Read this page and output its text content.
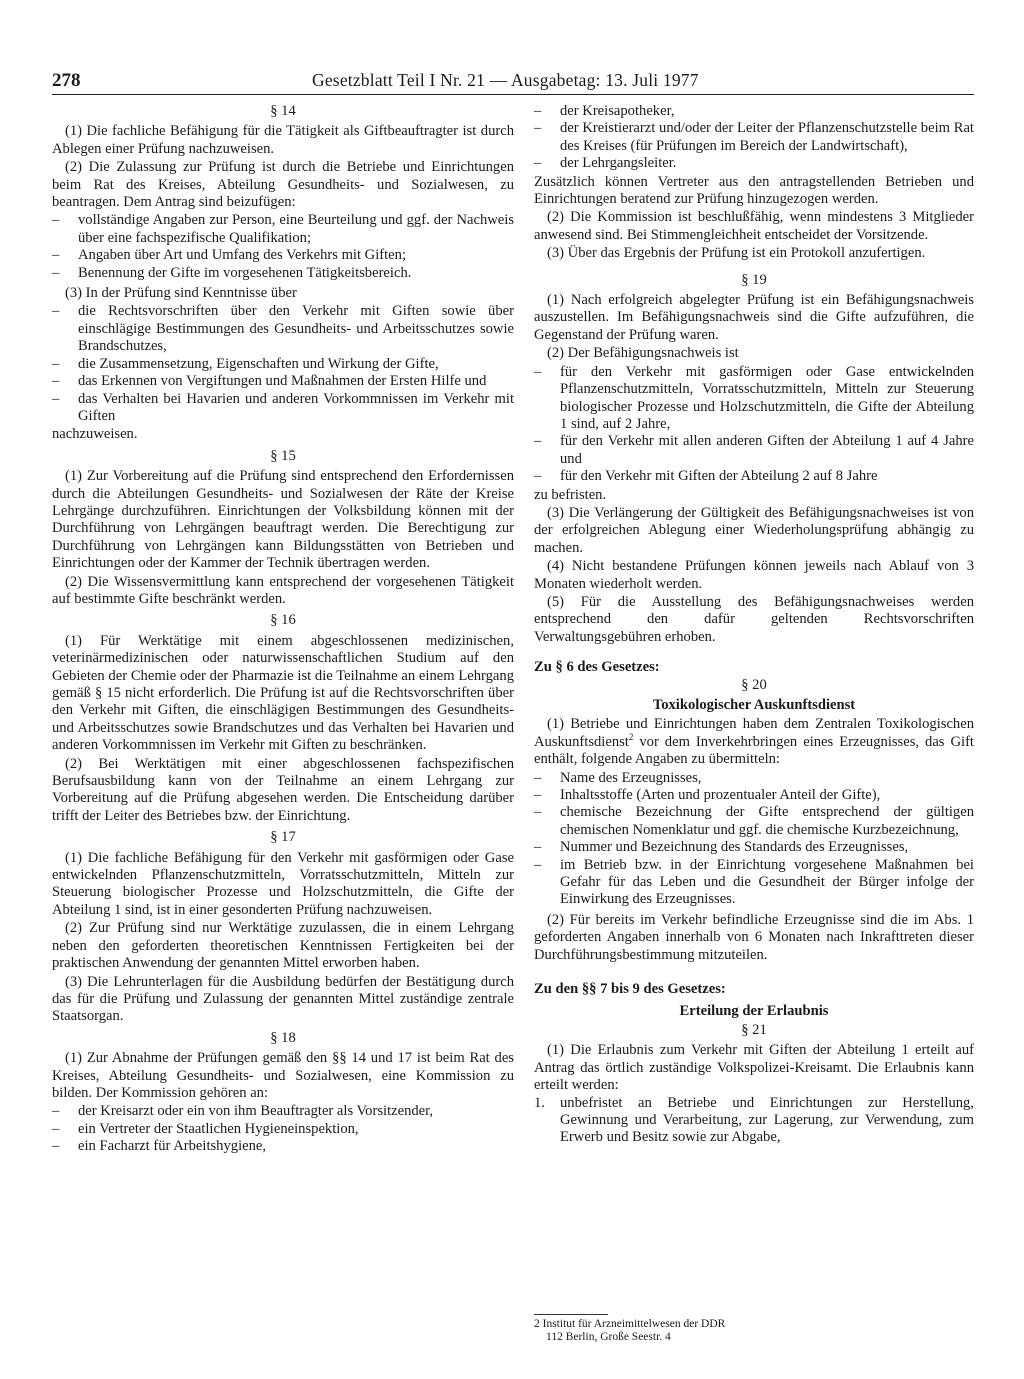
278	Gesetzblatt Teil I Nr. 21 — Ausgabetag: 13. Juli 1977
§ 14

(1) Die fachliche Befähigung für die Tätigkeit als Giftbeauftragter ist durch Ablegen einer Prüfung nachzuweisen.

(2) Die Zulassung zur Prüfung ist durch die Betriebe und Einrichtungen beim Rat des Kreises, Abteilung Gesundheits- und Sozialwesen, zu beantragen. Dem Antrag sind beizufügen:

– vollständige Angaben zur Person, eine Beurteilung und ggf. der Nachweis über eine fachspezifische Qualifikation;
– Angaben über Art und Umfang des Verkehrs mit Giften;
– Benennung der Gifte im vorgesehenen Tätigkeitsbereich.

(3) In der Prüfung sind Kenntnisse über

– die Rechtsvorschriften über den Verkehr mit Giften sowie über einschlägige Bestimmungen des Gesundheits- und Arbeitsschutzes sowie Brandschutzes,
– die Zusammensetzung, Eigenschaften und Wirkung der Gifte,
– das Erkennen von Vergiftungen und Maßnahmen der Ersten Hilfe und
– das Verhalten bei Havarien und anderen Vorkommnissen im Verkehr mit Giften

nachzuweisen.

§ 15

(1) Zur Vorbereitung auf die Prüfung sind entsprechend den Erfordernissen durch die Abteilungen Gesundheits- und Sozialwesen der Räte der Kreise Lehrgänge durchzuführen. Einrichtungen der Volksbildung können mit der Durchführung von Lehrgängen beauftragt werden. Die Berechtigung zur Durchführung von Lehrgängen kann Bildungsstätten von Betrieben und Einrichtungen oder der Kammer der Technik übertragen werden.

(2) Die Wissensvermittlung kann entsprechend der vorgesehenen Tätigkeit auf bestimmte Gifte beschränkt werden.

§ 16

(1) Für Werktätige mit einem abgeschlossenen medizinischen, veterinärmedizinischen oder naturwissenschaftlichen Studium auf den Gebieten der Chemie oder der Pharmazie ist die Teilnahme an einem Lehrgang gemäß § 15 nicht erforderlich. Die Prüfung ist auf die Rechtsvorschriften über den Verkehr mit Giften, die einschlägigen Bestimmungen des Gesundheits- und Arbeitsschutzes sowie Brandschutzes und das Verhalten bei Havarien und anderen Vorkommnissen im Verkehr mit Giften zu beschränken.

(2) Bei Werktätigen mit einer abgeschlossenen fachspezifischen Berufsausbildung kann von der Teilnahme an einem Lehrgang zur Vorbereitung auf die Prüfung abgesehen werden. Die Entscheidung darüber trifft der Leiter des Betriebes bzw. der Einrichtung.

§ 17

(1) Die fachliche Befähigung für den Verkehr mit gasförmigen oder Gase entwickelnden Pflanzenschutzmitteln, Vorratsschutzmitteln, Mitteln zur Steuerung biologischer Prozesse und Holzschutzmitteln, die Gifte der Abteilung 1 sind, ist in einer gesonderten Prüfung nachzuweisen.

(2) Zur Prüfung sind nur Werktätige zuzulassen, die in einem Lehrgang neben den geforderten theoretischen Kenntnissen Fertigkeiten bei der praktischen Anwendung der genannten Mittel erworben haben.

(3) Die Lehrunterlagen für die Ausbildung bedürfen der Bestätigung durch das für die Prüfung und Zulassung der genannten Mittel zuständige zentrale Staatsorgan.

§ 18

(1) Zur Abnahme der Prüfungen gemäß den §§ 14 und 17 ist beim Rat des Kreises, Abteilung Gesundheits- und Sozialwesen, eine Kommission zu bilden. Der Kommission gehören an:

– der Kreisarzt oder ein von ihm Beauftragter als Vorsitzender,
– ein Vertreter der Staatlichen Hygieneinspektion,
– ein Facharzt für Arbeitshygiene,
– der Kreisapotheker,
– der Kreistierarzt und/oder der Leiter der Pflanzenschutzstelle beim Rat des Kreises (für Prüfungen im Bereich der Landwirtschaft),
– der Lehrgangsleiter.

Zusätzlich können Vertreter aus den antragstellenden Betrieben und Einrichtungen beratend zur Prüfung hinzugezogen werden.

(2) Die Kommission ist beschlußfähig, wenn mindestens 3 Mitglieder anwesend sind. Bei Stimmengleichheit entscheidet der Vorsitzende.

(3) Über das Ergebnis der Prüfung ist ein Protokoll anzufertigen.

§ 19

(1) Nach erfolgreich abgelegter Prüfung ist ein Befähigungsnachweis auszustellen. Im Befähigungsnachweis sind die Gifte aufzuführen, die Gegenstand der Prüfung waren.

(2) Der Befähigungsnachweis ist

– für den Verkehr mit gasförmigen oder Gase entwickelnden Pflanzenschutzmitteln, Vorratsschutzmitteln, Mitteln zur Steuerung biologischer Prozesse und Holzschutzmitteln, die Gifte der Abteilung 1 sind, auf 2 Jahre,
– für den Verkehr mit allen anderen Giften der Abteilung 1 auf 4 Jahre und
– für den Verkehr mit Giften der Abteilung 2 auf 8 Jahre

zu befristen.

(3) Die Verlängerung der Gültigkeit des Befähigungsnachweises ist von der erfolgreichen Ablegung einer Wiederholungsprüfung abhängig zu machen.

(4) Nicht bestandene Prüfungen können jeweils nach Ablauf von 3 Monaten wiederholt werden.

(5) Für die Ausstellung des Befähigungsnachweises werden entsprechend den dafür geltenden Rechtsvorschriften Verwaltungsgebühren erhoben.

Zu § 6 des Gesetzes:
§ 20
Toxikologischer Auskunftsdienst

(1) Betriebe und Einrichtungen haben dem Zentralen Toxikologischen Auskunftsdienst$^2$ vor dem Inverkehrbringen eines Erzeugnisses, das Gift enthält, folgende Angaben zu übermitteln:

– Name des Erzeugnisses,
– Inhaltsstoffe (Arten und prozentualer Anteil der Gifte),
– chemische Bezeichnung der Gifte entsprechend der gültigen chemischen Nomenklatur und ggf. die chemische Kurzbezeichnung,
– Nummer und Bezeichnung des Standards des Erzeugnisses,
– im Betrieb bzw. in der Einrichtung vorgesehene Maßnahmen bei Gefahr für das Leben und die Gesundheit der Bürger infolge der Einwirkung des Erzeugnisses.

(2) Für bereits im Verkehr befindliche Erzeugnisse sind die im Abs. 1 geforderten Angaben innerhalb von 6 Monaten nach Inkrafttreten dieser Durchführungsbestimmung mitzuteilen.

Zu den §§ 7 bis 9 des Gesetzes:
Erteilung der Erlaubnis
§ 21

(1) Die Erlaubnis zum Verkehr mit Giften der Abteilung 1 erteilt auf Antrag das örtlich zuständige Volkspolizei-Kreisamt. Die Erlaubnis kann erteilt werden:

1. unbefristet an Betriebe und Einrichtungen zur Herstellung, Gewinnung und Verarbeitung, zur Lagerung, zur Verwendung, zum Erwerb und Besitz sowie zur Abgabe,
2 Institut für Arzneimittelwesen der DDR
112 Berlin, Große Seestr. 4
